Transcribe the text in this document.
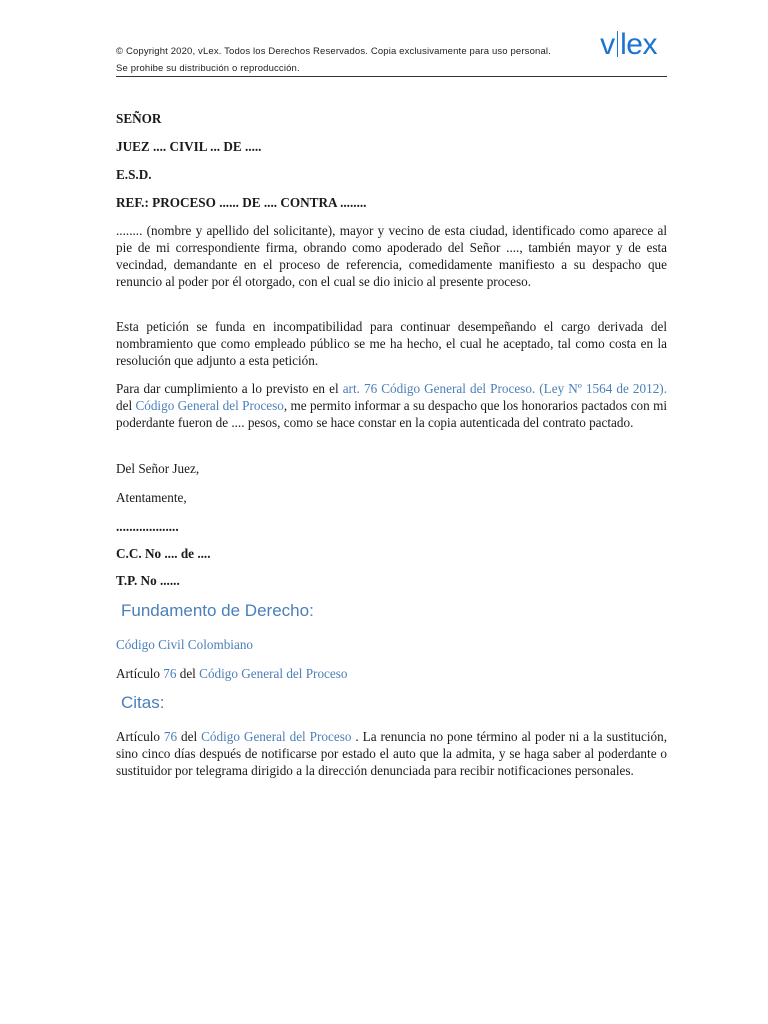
© Copyright 2020, vLex. Todos los Derechos Reservados. Copia exclusivamente para uso personal.
Se prohibe su distribución o reproducción.
v lex

SEÑOR

JUEZ .... CIVIL ... DE .....

E.S.D.

REF.: PROCESO ...... DE .... CONTRA ........

........ (nombre y apellido del solicitante), mayor y vecino de esta ciudad, identificado como aparece al pie de mi correspondiente firma, obrando como apoderado del Señor ...., también mayor y de esta vecindad, demandante en el proceso de referencia, comedidamente manifiesto a su despacho que renuncio al poder por él otorgado, con el cual se dio inicio al presente proceso.

Esta petición se funda en incompatibilidad para continuar desempeñando el cargo derivada del nombramiento que como empleado público se me ha hecho, el cual he aceptado, tal como costa en la resolución que adjunto a esta petición.

Para dar cumplimiento a lo previsto en el art. 76 Código General del Proceso. (Ley Nº 1564 de 2012). del Código General del Proceso, me permito informar a su despacho que los honorarios pactados con mi poderdante fueron de .... pesos, como se hace constar en la copia autenticada del contrato pactado.

Del Señor Juez,

Atentamente,

...................

C.C. No .... de ....

T.P. No ......

Fundamento de Derecho:

Código Civil Colombiano

Artículo 76 del Código General del Proceso

Citas:

Artículo 76 del Código General del Proceso . La renuncia no pone término al poder ni a la sustitución, sino cinco días después de notificarse por estado el auto que la admita, y se haga saber al poderdante o sustituidor por telegrama dirigido a la dirección denunciada para recibir notificaciones personales.
